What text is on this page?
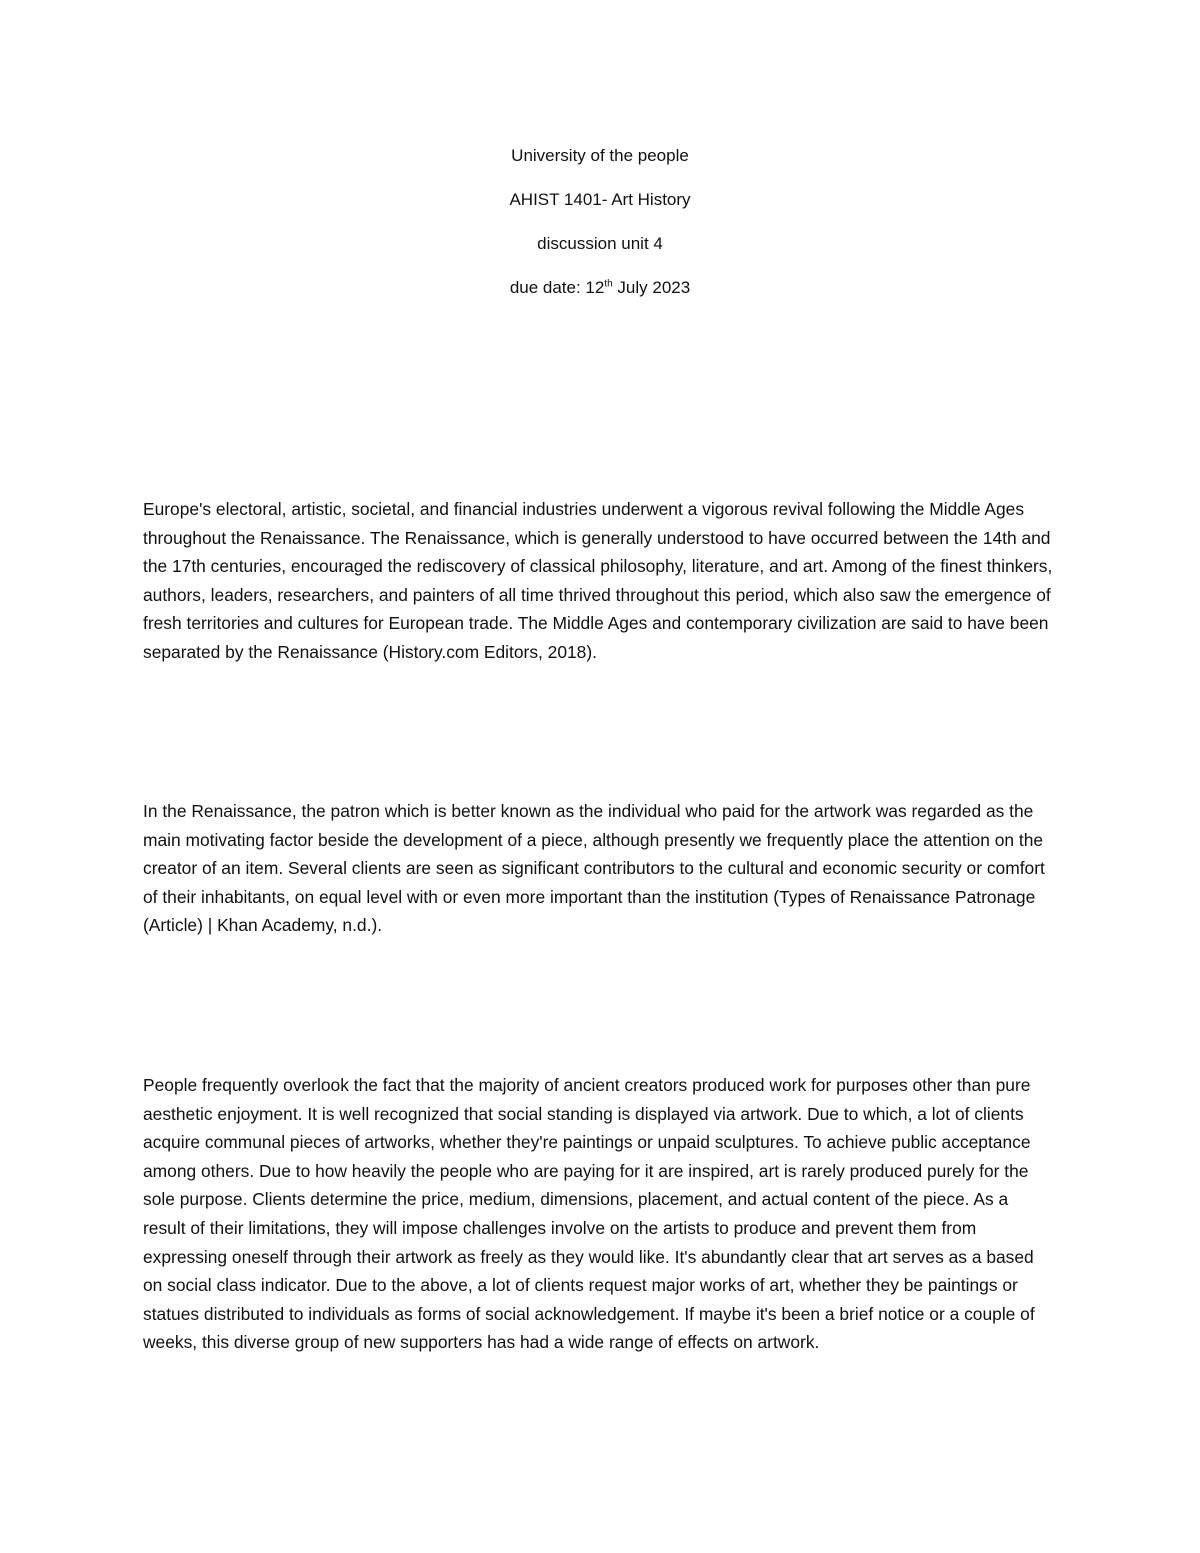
University of the people

AHIST 1401- Art History

discussion unit 4

due date: 12th July 2023

Europe's electoral, artistic, societal, and financial industries underwent a vigorous revival following the Middle Ages throughout the Renaissance. The Renaissance, which is generally understood to have occurred between the 14th and the 17th centuries, encouraged the rediscovery of classical philosophy, literature, and art. Among of the finest thinkers, authors, leaders, researchers, and painters of all time thrived throughout this period, which also saw the emergence of fresh territories and cultures for European trade. The Middle Ages and contemporary civilization are said to have been separated by the Renaissance (History.com Editors, 2018).

In the Renaissance, the patron which is better known as the individual who paid for the artwork was regarded as the main motivating factor beside the development of a piece, although presently we frequently place the attention on the creator of an item. Several clients are seen as significant contributors to the cultural and economic security or comfort of their inhabitants, on equal level with or even more important than the institution (Types of Renaissance Patronage (Article) | Khan Academy, n.d.).

People frequently overlook the fact that the majority of ancient creators produced work for purposes other than pure aesthetic enjoyment. It is well recognized that social standing is displayed via artwork. Due to which, a lot of clients acquire communal pieces of artworks, whether they're paintings or unpaid sculptures. To achieve public acceptance among others. Due to how heavily the people who are paying for it are inspired, art is rarely produced purely for the sole purpose. Clients determine the price, medium, dimensions, placement, and actual content of the piece. As a result of their limitations, they will impose challenges involve on the artists to produce and prevent them from expressing oneself through their artwork as freely as they would like. It's abundantly clear that art serves as a based on social class indicator. Due to the above, a lot of clients request major works of art, whether they be paintings or statues distributed to individuals as forms of social acknowledgement. If maybe it's been a brief notice or a couple of weeks, this diverse group of new supporters has had a wide range of effects on artwork.
